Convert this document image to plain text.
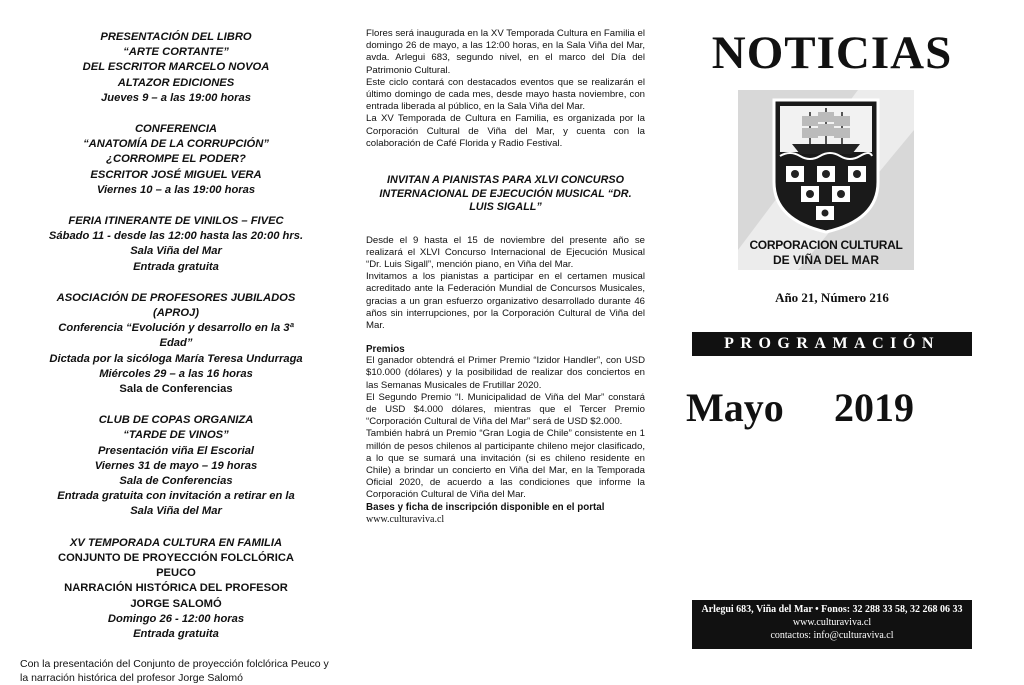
PRESENTACIÓN DEL LIBRO
“ARTE CORTANTE”
DEL ESCRITOR MARCELO NOVOA
ALTAZOR EDICIONES
Jueves 9 – a las 19:00 horas
CONFERENCIA
“ANATOMÍA DE LA CORRUPCIÓN”
¿CORROMPE EL PODER?
ESCRITOR JOSÉ MIGUEL VERA
Viernes 10 – a las 19:00 horas
FERIA ITINERANTE DE VINILOS – FIVEC
Sábado 11 - desde las 12:00 hasta las 20:00 hrs.
Sala Viña del Mar
Entrada gratuita
ASOCIACIÓN DE PROFESORES JUBILADOS
(APROJ)
Conferencia “Evolución y desarrollo en la 3ª
Edad”
Dictada por la sicóloga María Teresa Undurraga
Miércoles 29 – a las 16 horas
Sala de Conferencias
CLUB DE COPAS ORGANIZA
“TARDE DE VINOS”
Presentación viña El Escorial
Viernes 31 de mayo – 19 horas
Sala de Conferencias
Entrada gratuita con invitación a retirar en la
Sala Viña del Mar
XV TEMPORADA CULTURA EN FAMILIA
CONJUNTO DE PROYECCIÓN FOLCLÓRICA
PEUCO
NARRACIÓN HISTÓRICA DEL PROFESOR
JORGE SALOMÓ
Domingo 26 - 12:00 horas
Entrada gratuita
Con la presentación del Conjunto de proyección folclórica Peuco y la narración histórica del profesor Jorge Salomó

Flores será inaugurada en la XV Temporada Cultura en Familia el domingo 26 de mayo, a las 12:00 horas, en la Sala Viña del Mar, avda. Arlegui 683, segundo nivel, en el marco del Día del Patrimonio Cultural.

Este ciclo contará con destacados eventos que se realizarán el último domingo de cada mes, desde mayo hasta noviembre, con entrada liberada al público, en la Sala Viña del Mar.

La XV Temporada de Cultura en Familia, es organizada por la Corporación Cultural de Viña del Mar, y cuenta con la colaboración de Café Florida y Radio Festival.

INVITAN A PIANISTAS PARA XLVI CONCURSO INTERNACIONAL DE EJECUCIÓN MUSICAL “DR. LUIS SIGALL”

Desde el 9 hasta el 15 de noviembre del presente año se realizará el XLVI Concurso Internacional de Ejecución Musical “Dr. Luis Sigall”, mención piano, en Viña del Mar.

Invitamos a los pianistas a participar en el certamen musical acreditado ante la Federación Mundial de Concursos Musicales, gracias a un gran esfuerzo organizativo desarrollado durante 46 años sin interrupciones, por la Corporación Cultural de Viña del Mar.

Premios

El ganador obtendrá el Primer Premio “Izidor Handler”, con USD $10.000 (dólares) y la posibilidad de realizar dos conciertos en las Semanas Musicales de Frutillar 2020.

El Segundo Premio “I. Municipalidad de Viña del Mar” constará de USD $4.000 dólares, mientras que el Tercer Premio “Corporación Cultural de Viña del Mar” será de USD $2.000.

También habrá un Premio “Gran Logia de Chile” consistente en 1 millón de pesos chilenos al participante chileno mejor clasificado, a lo que se sumará una invitación (si es chileno residente en Chile) a brindar un concierto en Viña del Mar, en la Temporada Oficial 2020, de acuerdo a las condiciones que informe la Corporación Cultural de Viña del Mar.

Bases y ficha de inscripción disponible en el portal
www.culturaviva.cl
NOTICIAS
CORPORACION CULTURAL
DE VIÑA DEL MAR
Año 21, Número 216
PROGRAMACIÓN
Mayo 2019
Arlegui 683, Viña del Mar • Fonos: 32 288 33 58, 32 268 06 33
www.culturaviva.cl
contactos: info@culturaviva.cl
